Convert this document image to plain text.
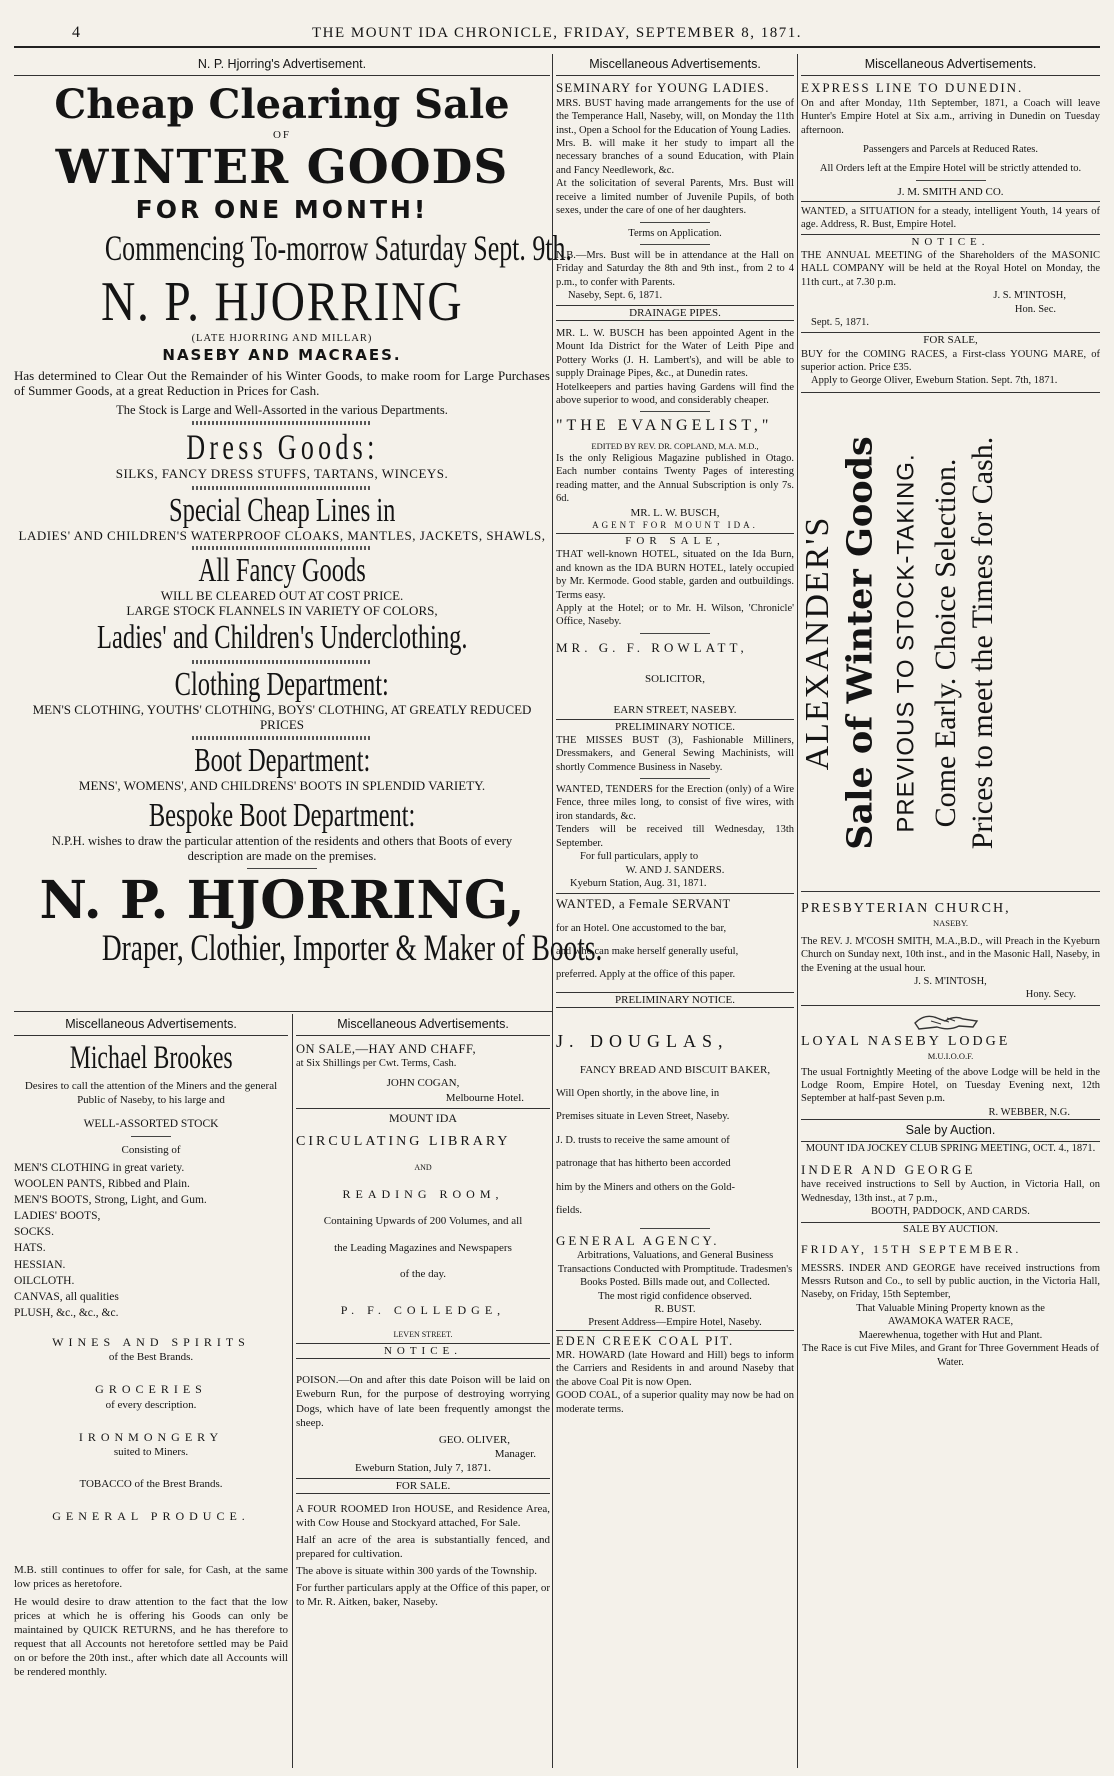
4	THE MOUNT IDA CHRONICLE, FRIDAY, SEPTEMBER 8, 1871.
N. P. Hjorring's Advertisement.
Cheap Clearing Sale
OF
WINTER GOODS
FOR ONE MONTH!
Commencing To-morrow Saturday Sept. 9th.
N. P. HJORRING
(LATE HJORRING AND MILLAR)
NASEBY AND MACRAES.
Has determined to Clear Out the Remainder of his Winter Goods, to make room for Large Purchases of Summer Goods, at a great Reduction in Prices for Cash.
The Stock is Large and Well-Assorted in the various Departments.
Dress Goods:
SILKS, FANCY DRESS STUFFS, TARTANS, WINCEYS.
Special Cheap Lines in
LADIES' AND CHILDREN'S WATERPROOF CLOAKS, MANTLES, JACKETS, SHAWLS,
All Fancy Goods
WILL BE CLEARED OUT AT COST PRICE.
LARGE STOCK FLANNELS IN VARIETY OF COLORS,
Ladies' and Children's Underclothing.
Clothing Department:
MEN'S CLOTHING, YOUTHS' CLOTHING, BOYS' CLOTHING, AT GREATLY REDUCED PRICES
Boot Department:
MENS', WOMENS', AND CHILDRENS' BOOTS IN SPLENDID VARIETY.
Bespoke Boot Department:
N.P.H. wishes to draw the particular attention of the residents and others that Boots of every description are made on the premises.
N. P. HJORRING,
Draper, Clothier, Importer & Maker of Boots.
Miscellaneous Advertisements.
Michael Brookes
Desires to call the attention of the Miners and the general Public of Naseby, to his large and
WELL-ASSORTED STOCK
Consisting of
MEN'S CLOTHING in great variety.
WOOLEN PANTS, Ribbed and Plain.
MEN'S BOOTS, Strong, Light, and Gum.
LADIES' BOOTS,
SOCKS.
HATS.
HESSIAN.
OILCLOTH.
CANVAS, all qualities
PLUSH, &c., &c., &c.
WINES AND SPIRITS
of the Best Brands.
GROCERIES
of every description.
IRONMONGERY
suited to Miners.
TOBACCO of the Brest Brands.
GENERAL PRODUCE.
M.B. still continues to offer for sale, for Cash, at the same low prices as heretofore.
He would desire to draw attention to the fact that the low prices at which he is offering his Goods can only be maintained by QUICK RETURNS, and he has therefore to request that all Accounts not heretofore settled may be Paid on or before the 20th inst., after which date all Accounts will be rendered monthly.
Miscellaneous Advertisements.
ON SALE,—HAY AND CHAFF,
at Six Shillings per Cwt. Terms, Cash.
JOHN COGAN,
Melbourne Hotel.
MOUNT IDA
CIRCULATING LIBRARY
AND
READING ROOM,
Containing Upwards of 200 Volumes, and all
the Leading Magazines and Newspapers
of the day.
P. F. COLLEDGE,
LEVEN STREET.
NOTICE.
POISON.—On and after this date Poison will be laid on Eweburn Run, for the purpose of destroying worrying Dogs, which have of late been frequently amongst the sheep.
GEO. OLIVER,
Manager.
Eweburn Station, July 7, 1871.
FOR SALE.
A FOUR ROOMED Iron HOUSE, and Residence Area, with Cow House and Stockyard attached, For Sale.
Half an acre of the area is substantially fenced, and prepared for cultivation.
The above is situate within 300 yards of the Township.
For further particulars apply at the Office of this paper, or to Mr. R. Aitken, baker, Naseby.
Miscellaneous Advertisements.
SEMINARY for YOUNG LADIES.
MRS. BUST having made arrangements for the use of the Temperance Hall, Naseby, will, on Monday the 11th inst., Open a School for the Education of Young Ladies.
Mrs. B. will make it her study to impart all the necessary branches of a sound Education, with Plain and Fancy Needlework, &c.
At the solicitation of several Parents, Mrs. Bust will receive a limited number of Juvenile Pupils, of both sexes, under the care of one of her daughters.
Terms on Application.
N.B.—Mrs. Bust will be in attendance at the Hall on Friday and Saturday the 8th and 9th inst., from 2 to 4 p.m., to confer with Parents.
Naseby, Sept. 6, 1871.
DRAINAGE PIPES.
MR. L. W. BUSCH has been appointed Agent in the Mount Ida District for the Water of Leith Pipe and Pottery Works (J. H. Lambert's), and will be able to supply Drainage Pipes, &c., at Dunedin rates.
Hotelkeepers and parties having Gardens will find the above superior to wood, and considerably cheaper.
"THE EVANGELIST,"
EDITED BY REV. DR. COPLAND, M.A. M.D.,
Is the only Religious Magazine published in Otago. Each number contains Twenty Pages of interesting reading matter, and the Annual Subscription is only 7s. 6d.
MR. L. W. BUSCH,
AGENT FOR MOUNT IDA.
FOR SALE,
THAT well-known HOTEL, situated on the Ida Burn, and known as the IDA BURN HOTEL, lately occupied by Mr. Kermode. Good stable, garden and outbuildings. Terms easy.
Apply at the Hotel; or to Mr. H. Wilson, 'Chronicle' Office, Naseby.
MR. G. F. ROWLATT,
SOLICITOR,
EARN STREET, NASEBY.
PRELIMINARY NOTICE.
THE MISSES BUST (3), Fashionable Milliners, Dressmakers, and General Sewing Machinists, will shortly Commence Business in Naseby.
WANTED, TENDERS for the Erection (only) of a Wire Fence, three miles long, to consist of five wires, with iron standards, &c.
Tenders will be received till Wednesday, 13th September.
For full particulars, apply to
W. AND J. SANDERS.
Kyeburn Station, Aug. 31, 1871.
WANTED, a Female SERVANT
for an Hotel. One accustomed to the bar,
and who can make herself generally useful,
preferred. Apply at the office of this paper.
PRELIMINARY NOTICE.
J. DOUGLAS,
FANCY BREAD AND BISCUIT BAKER,
Will Open shortly, in the above line, in
Premises situate in Leven Street, Naseby.
J. D. trusts to receive the same amount of
patronage that has hitherto been accorded
him by the Miners and others on the Gold-
fields.
GENERAL AGENCY.
Arbitrations, Valuations, and General Business Transactions Conducted with Promptitude. Tradesmen's Books Posted. Bills made out, and Collected.
The most rigid confidence observed.
R. BUST.
Present Address—Empire Hotel, Naseby.
EDEN CREEK COAL PIT.
MR. HOWARD (late Howard and Hill) begs to inform the Carriers and Residents in and around Naseby that the above Coal Pit is now Open.
GOOD COAL, of a superior quality may now be had on moderate terms.
Miscellaneous Advertisements.
EXPRESS LINE TO DUNEDIN.
On and after Monday, 11th September, 1871, a Coach will leave Hunter's Empire Hotel at Six a.m., arriving in Dunedin on Tuesday afternoon.
Passengers and Parcels at Reduced Rates.
All Orders left at the Empire Hotel will be strictly attended to.
J. M. SMITH AND CO.
WANTED, a SITUATION for a steady, intelligent Youth, 14 years of age. Address, R. Bust, Empire Hotel.
NOTICE.
THE ANNUAL MEETING of the Shareholders of the MASONIC HALL COMPANY will be held at the Royal Hotel on Monday, the 11th curt., at 7.30 p.m.
J. S. M'INTOSH,
Hon. Sec.
Sept. 5, 1871.
FOR SALE,
BUY for the COMING RACES, a First-class YOUNG MARE, of superior action. Price £35.
Apply to George Oliver, Eweburn Station. Sept. 7th, 1871.
ALEXANDER'S Sale of Winter Goods PREVIOUS TO STOCK-TAKING. Come Early. Choice Selection. Prices to meet the Times for Cash.
PRESBYTERIAN CHURCH,
NASEBY.
The REV. J. M'COSH SMITH, M.A.,B.D., will Preach in the Kyeburn Church on Sunday next, 10th inst., and in the Masonic Hall, Naseby, in the Evening at the usual hour.
J. S. M'INTOSH,
Hony. Secy.
LOYAL NASEBY LODGE
M.U.I.O.O.F.
The usual Fortnightly Meeting of the above Lodge will be held in the Lodge Room, Empire Hotel, on Tuesday Evening next, 12th September at half-past Seven p.m.
R. WEBBER, N.G.
Sale by Auction.
MOUNT IDA JOCKEY CLUB SPRING MEETING, OCT. 4., 1871.
INDER AND GEORGE
have received instructions to Sell by Auction, in Victoria Hall, on Wednesday, 13th inst., at 7 p.m.,
BOOTH, PADDOCK, AND CARDS.
SALE BY AUCTION.
FRIDAY, 15TH SEPTEMBER.
MESSRS. INDER AND GEORGE have received instructions from Messrs Rutson and Co., to sell by public auction, in the Victoria Hall, Naseby, on Friday, 15th September,
That Valuable Mining Property known as the
AWAMOKA WATER RACE,
Maerewhenua, together with Hut and Plant.
The Race is cut Five Miles, and Grant for Three Government Heads of Water.
